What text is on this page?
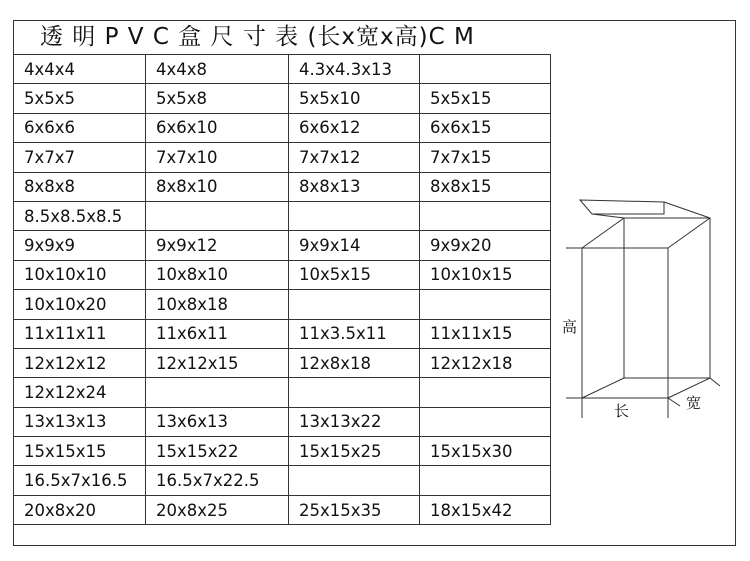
透 明 P V C 盒 尺 寸 表 (长x宽x高)C M
4x4x4	4x4x8	4.3x4.3x13	
5x5x5	5x5x8	5x5x10	5x5x15
6x6x6	6x6x10	6x6x12	6x6x15
7x7x7	7x7x10	7x7x12	7x7x15
8x8x8	8x8x10	8x8x13	8x8x15
8.5x8.5x8.5			
9x9x9	9x9x12	9x9x14	9x9x20
10x10x10	10x8x10	10x5x15	10x10x15
10x10x20	10x8x18		
11x11x11	11x6x11	11x3.5x11	11x11x15
12x12x12	12x12x15	12x8x18	12x12x18
12x12x24			
13x13x13	13x6x13	13x13x22	
15x15x15	15x15x22	15x15x25	15x15x30
16.5x7x16.5	16.5x7x22.5		
20x8x20	20x8x25	25x15x35	18x15x42
高
长	宽
